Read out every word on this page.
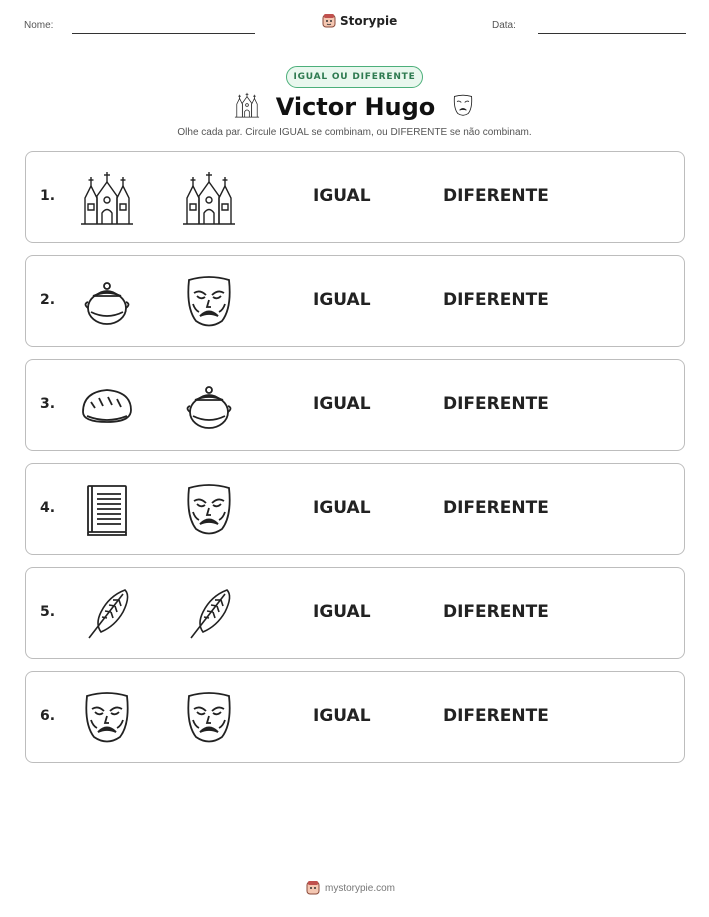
Nome:	Storypie	Data:
IGUAL OU DIFERENTE
Victor Hugo
Olhe cada par. Circule IGUAL se combinam, ou DIFERENTE se não combinam.
1.	IGUAL	DIFERENTE
2.	IGUAL	DIFERENTE
3.	IGUAL	DIFERENTE
4.	IGUAL	DIFERENTE
5.	IGUAL	DIFERENTE
6.	IGUAL	DIFERENTE
mystorypie.com
